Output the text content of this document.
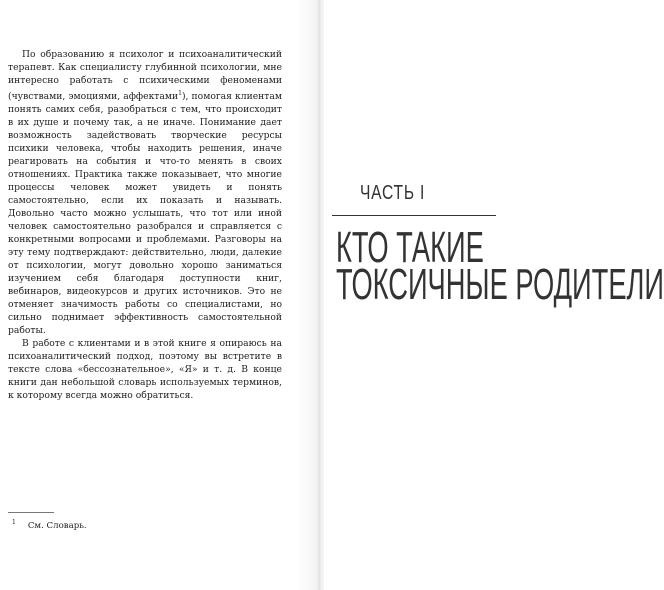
По образованию я психолог и психоаналитический терапевт. Как специалисту глубинной психологии, мне интересно работать с психическими феноменами (чувствами, эмоциями, аффектами$^1$), помогая клиентам понять самих себя, разобраться с тем, что происходит в их душе и почему так, а не иначе. Понимание дает возможность задействовать творческие ресурсы психики человека, чтобы находить решения, иначе реагировать на события и что-то менять в своих отношениях. Практика также показывает, что многие процессы человек может увидеть и понять самостоятельно, если их показать и называть. Довольно часто можно услышать, что тот или иной человек самостоятельно разобрался и справляется с конкретными вопросами и проблемами. Разговоры на эту тему подтверждают: действительно, люди, далекие от психологии, могут довольно хорошо заниматься изучением себя благодаря доступности книг, вебинаров, видеокурсов и других источников. Это не отменяет значимость работы со специалистами, но сильно поднимает эффективность самостоятельной работы.

В работе с клиентами и в этой книге я опираюсь на психоаналитический подход, поэтому вы встретите в тексте слова «бессознательное», «Я» и т. д. В конце книги дан небольшой словарь используемых терминов, к которому всегда можно обратиться.

$^1$ См. Словарь.
ЧАСТЬ I
КТО ТАКИЕ
ТОКСИЧНЫЕ РОДИТЕЛИ
